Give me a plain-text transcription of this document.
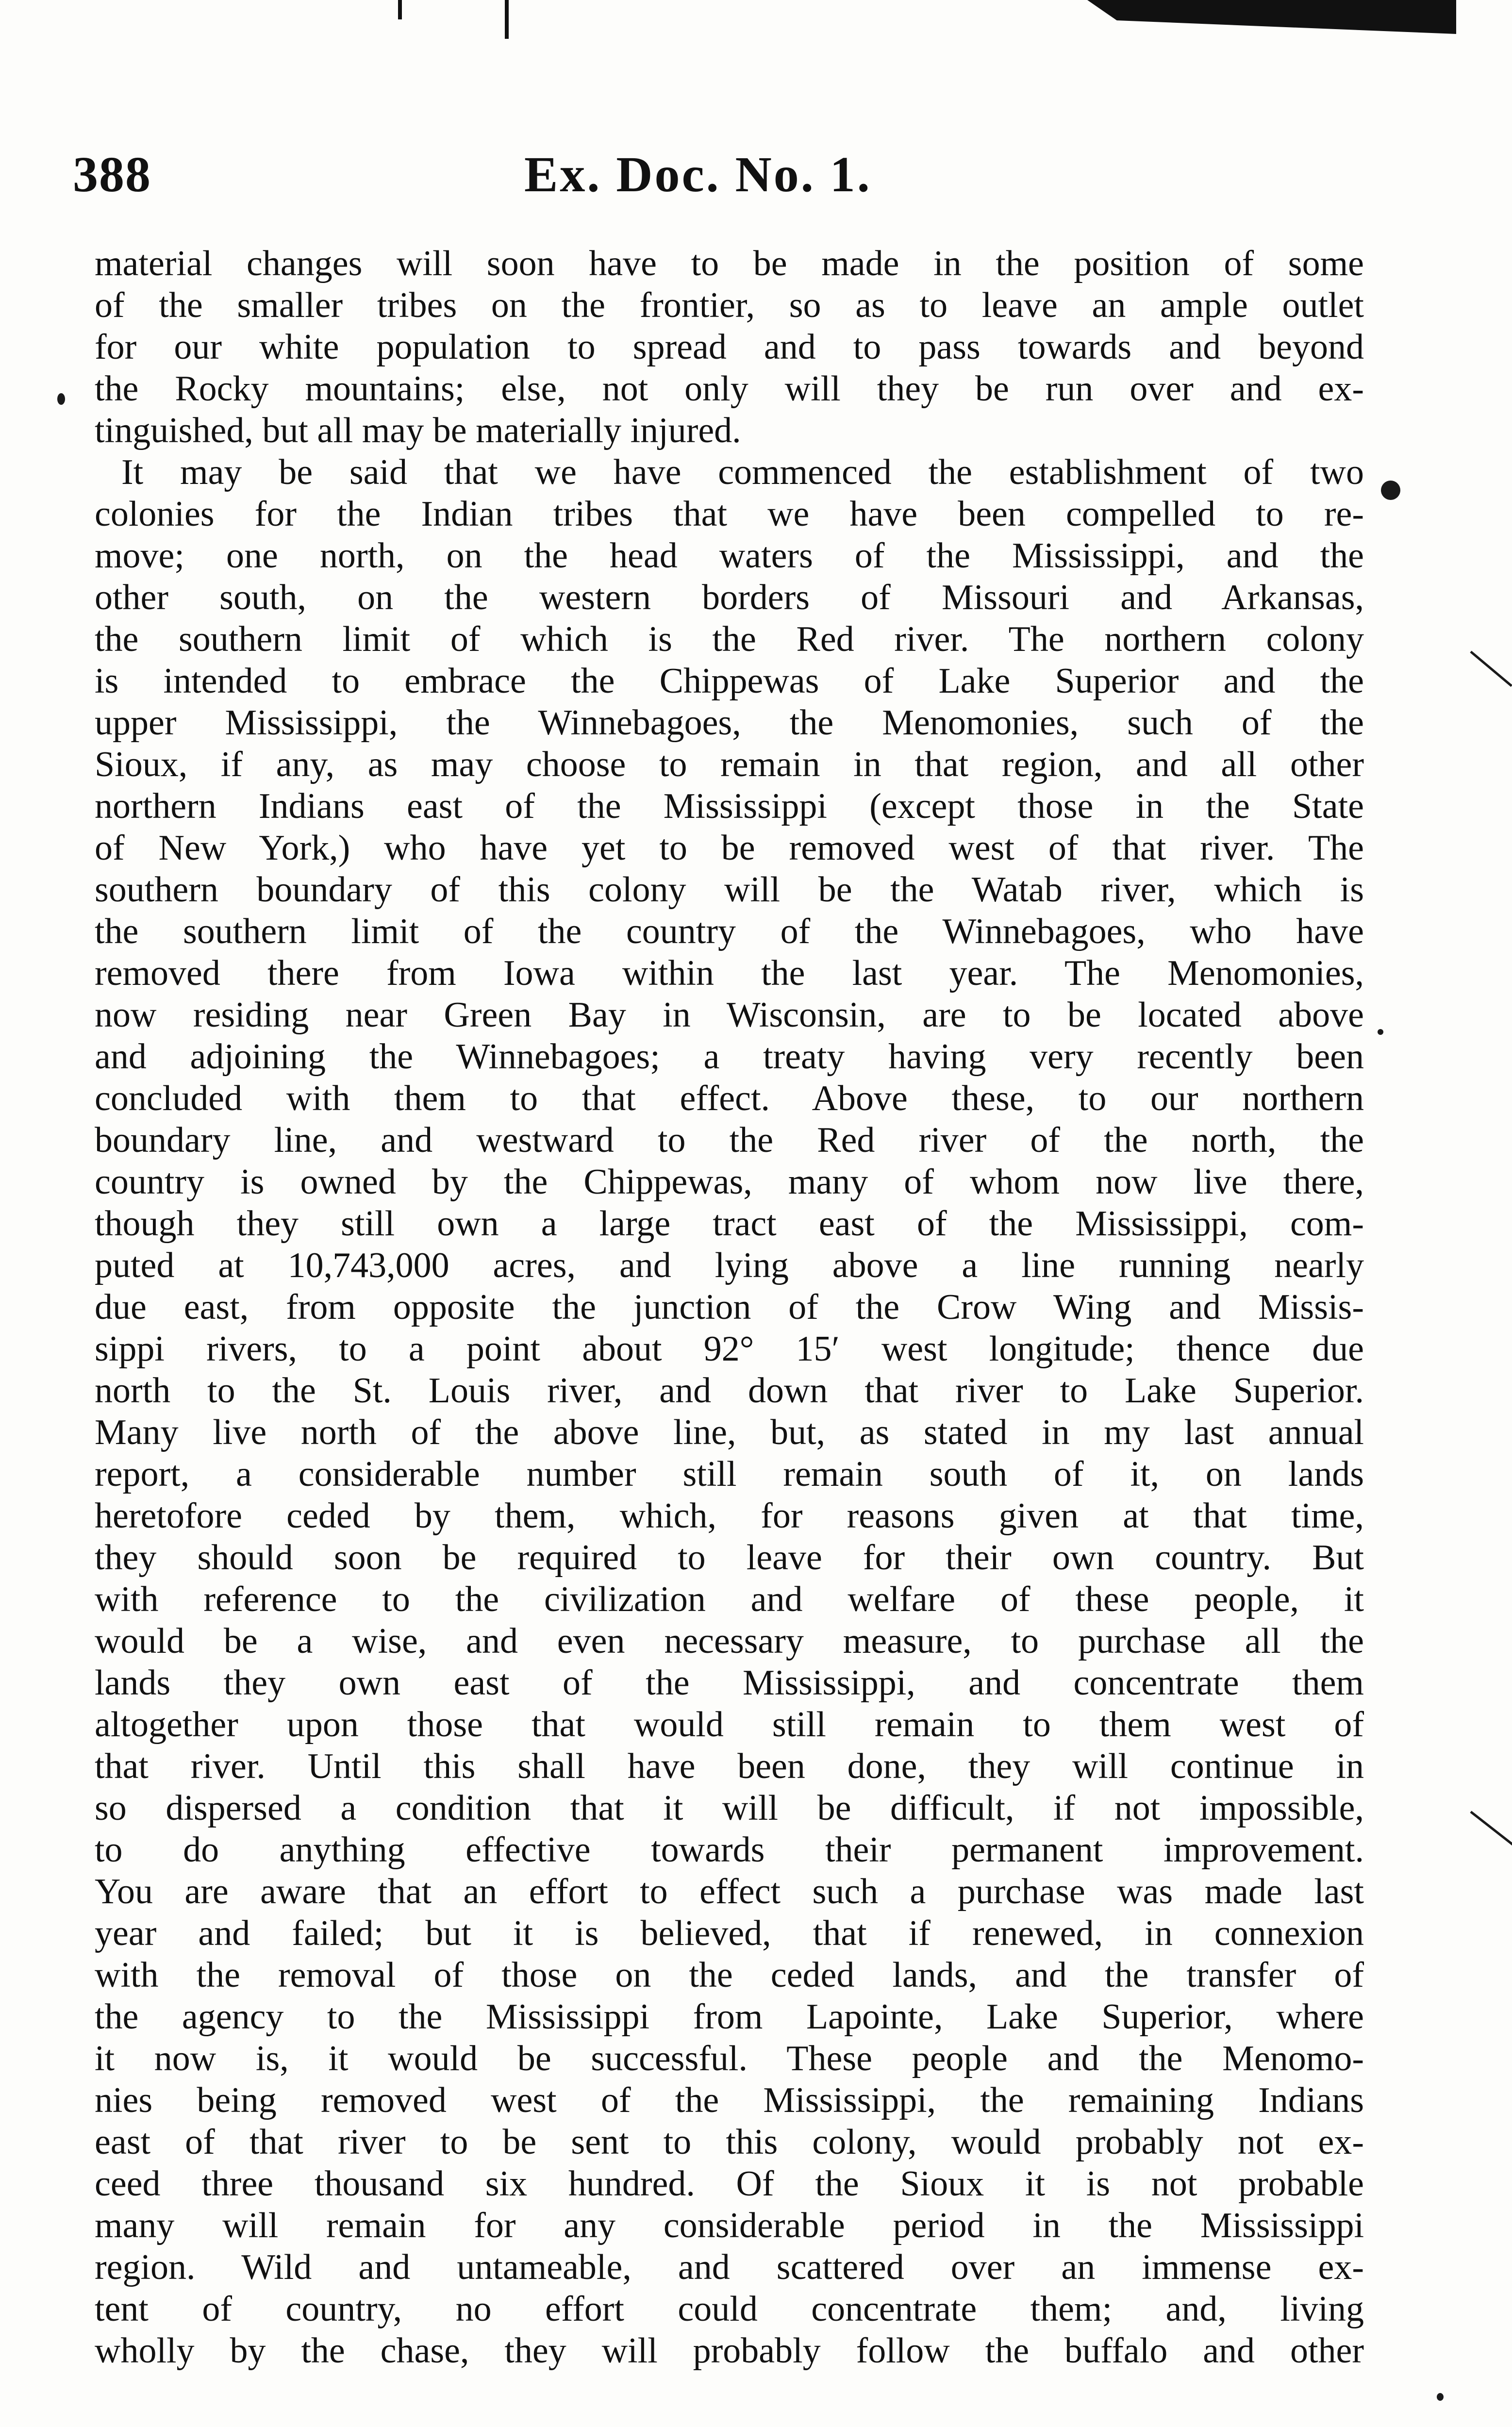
388	Ex. Doc. No. 1.
material changes will soon have to be made in the position of some
of the smaller tribes on the frontier, so as to leave an ample outlet
for our white population to spread and to pass towards and beyond
the Rocky mountains; else, not only will they be run over and ex-
tinguished, but all may be materially injured.
It may be said that we have commenced the establishment of two
colonies for the Indian tribes that we have been compelled to re-
move; one north, on the head waters of the Mississippi, and the
other south, on the western borders of Missouri and Arkansas,
the southern limit of which is the Red river. The northern colony
is intended to embrace the Chippewas of Lake Superior and the
upper Mississippi, the Winnebagoes, the Menomonies, such of the
Sioux, if any, as may choose to remain in that region, and all other
northern Indians east of the Mississippi (except those in the State
of New York,) who have yet to be removed west of that river. The
southern boundary of this colony will be the Watab river, which is
the southern limit of the country of the Winnebagoes, who have
removed there from Iowa within the last year. The Menomonies,
now residing near Green Bay in Wisconsin, are to be located above
and adjoining the Winnebagoes; a treaty having very recently been
concluded with them to that effect. Above these, to our northern
boundary line, and westward to the Red river of the north, the
country is owned by the Chippewas, many of whom now live there,
though they still own a large tract east of the Mississippi, com-
puted at 10,743,000 acres, and lying above a line running nearly
due east, from opposite the junction of the Crow Wing and Missis-
sippi rivers, to a point about 92° 15′ west longitude; thence due
north to the St. Louis river, and down that river to Lake Superior.
Many live north of the above line, but, as stated in my last annual
report, a considerable number still remain south of it, on lands
heretofore ceded by them, which, for reasons given at that time,
they should soon be required to leave for their own country. But
with reference to the civilization and welfare of these people, it
would be a wise, and even necessary measure, to purchase all the
lands they own east of the Mississippi, and concentrate them
altogether upon those that would still remain to them west of
that river. Until this shall have been done, they will continue in
so dispersed a condition that it will be difficult, if not impossible,
to do anything effective towards their permanent improvement.
You are aware that an effort to effect such a purchase was made last
year and failed; but it is believed, that if renewed, in connexion
with the removal of those on the ceded lands, and the transfer of
the agency to the Mississippi from Lapointe, Lake Superior, where
it now is, it would be successful. These people and the Menomo-
nies being removed west of the Mississippi, the remaining Indians
east of that river to be sent to this colony, would probably not ex-
ceed three thousand six hundred. Of the Sioux it is not probable
many will remain for any considerable period in the Mississippi
region. Wild and untameable, and scattered over an immense ex-
tent of country, no effort could concentrate them; and, living
wholly by the chase, they will probably follow the buffalo and other
